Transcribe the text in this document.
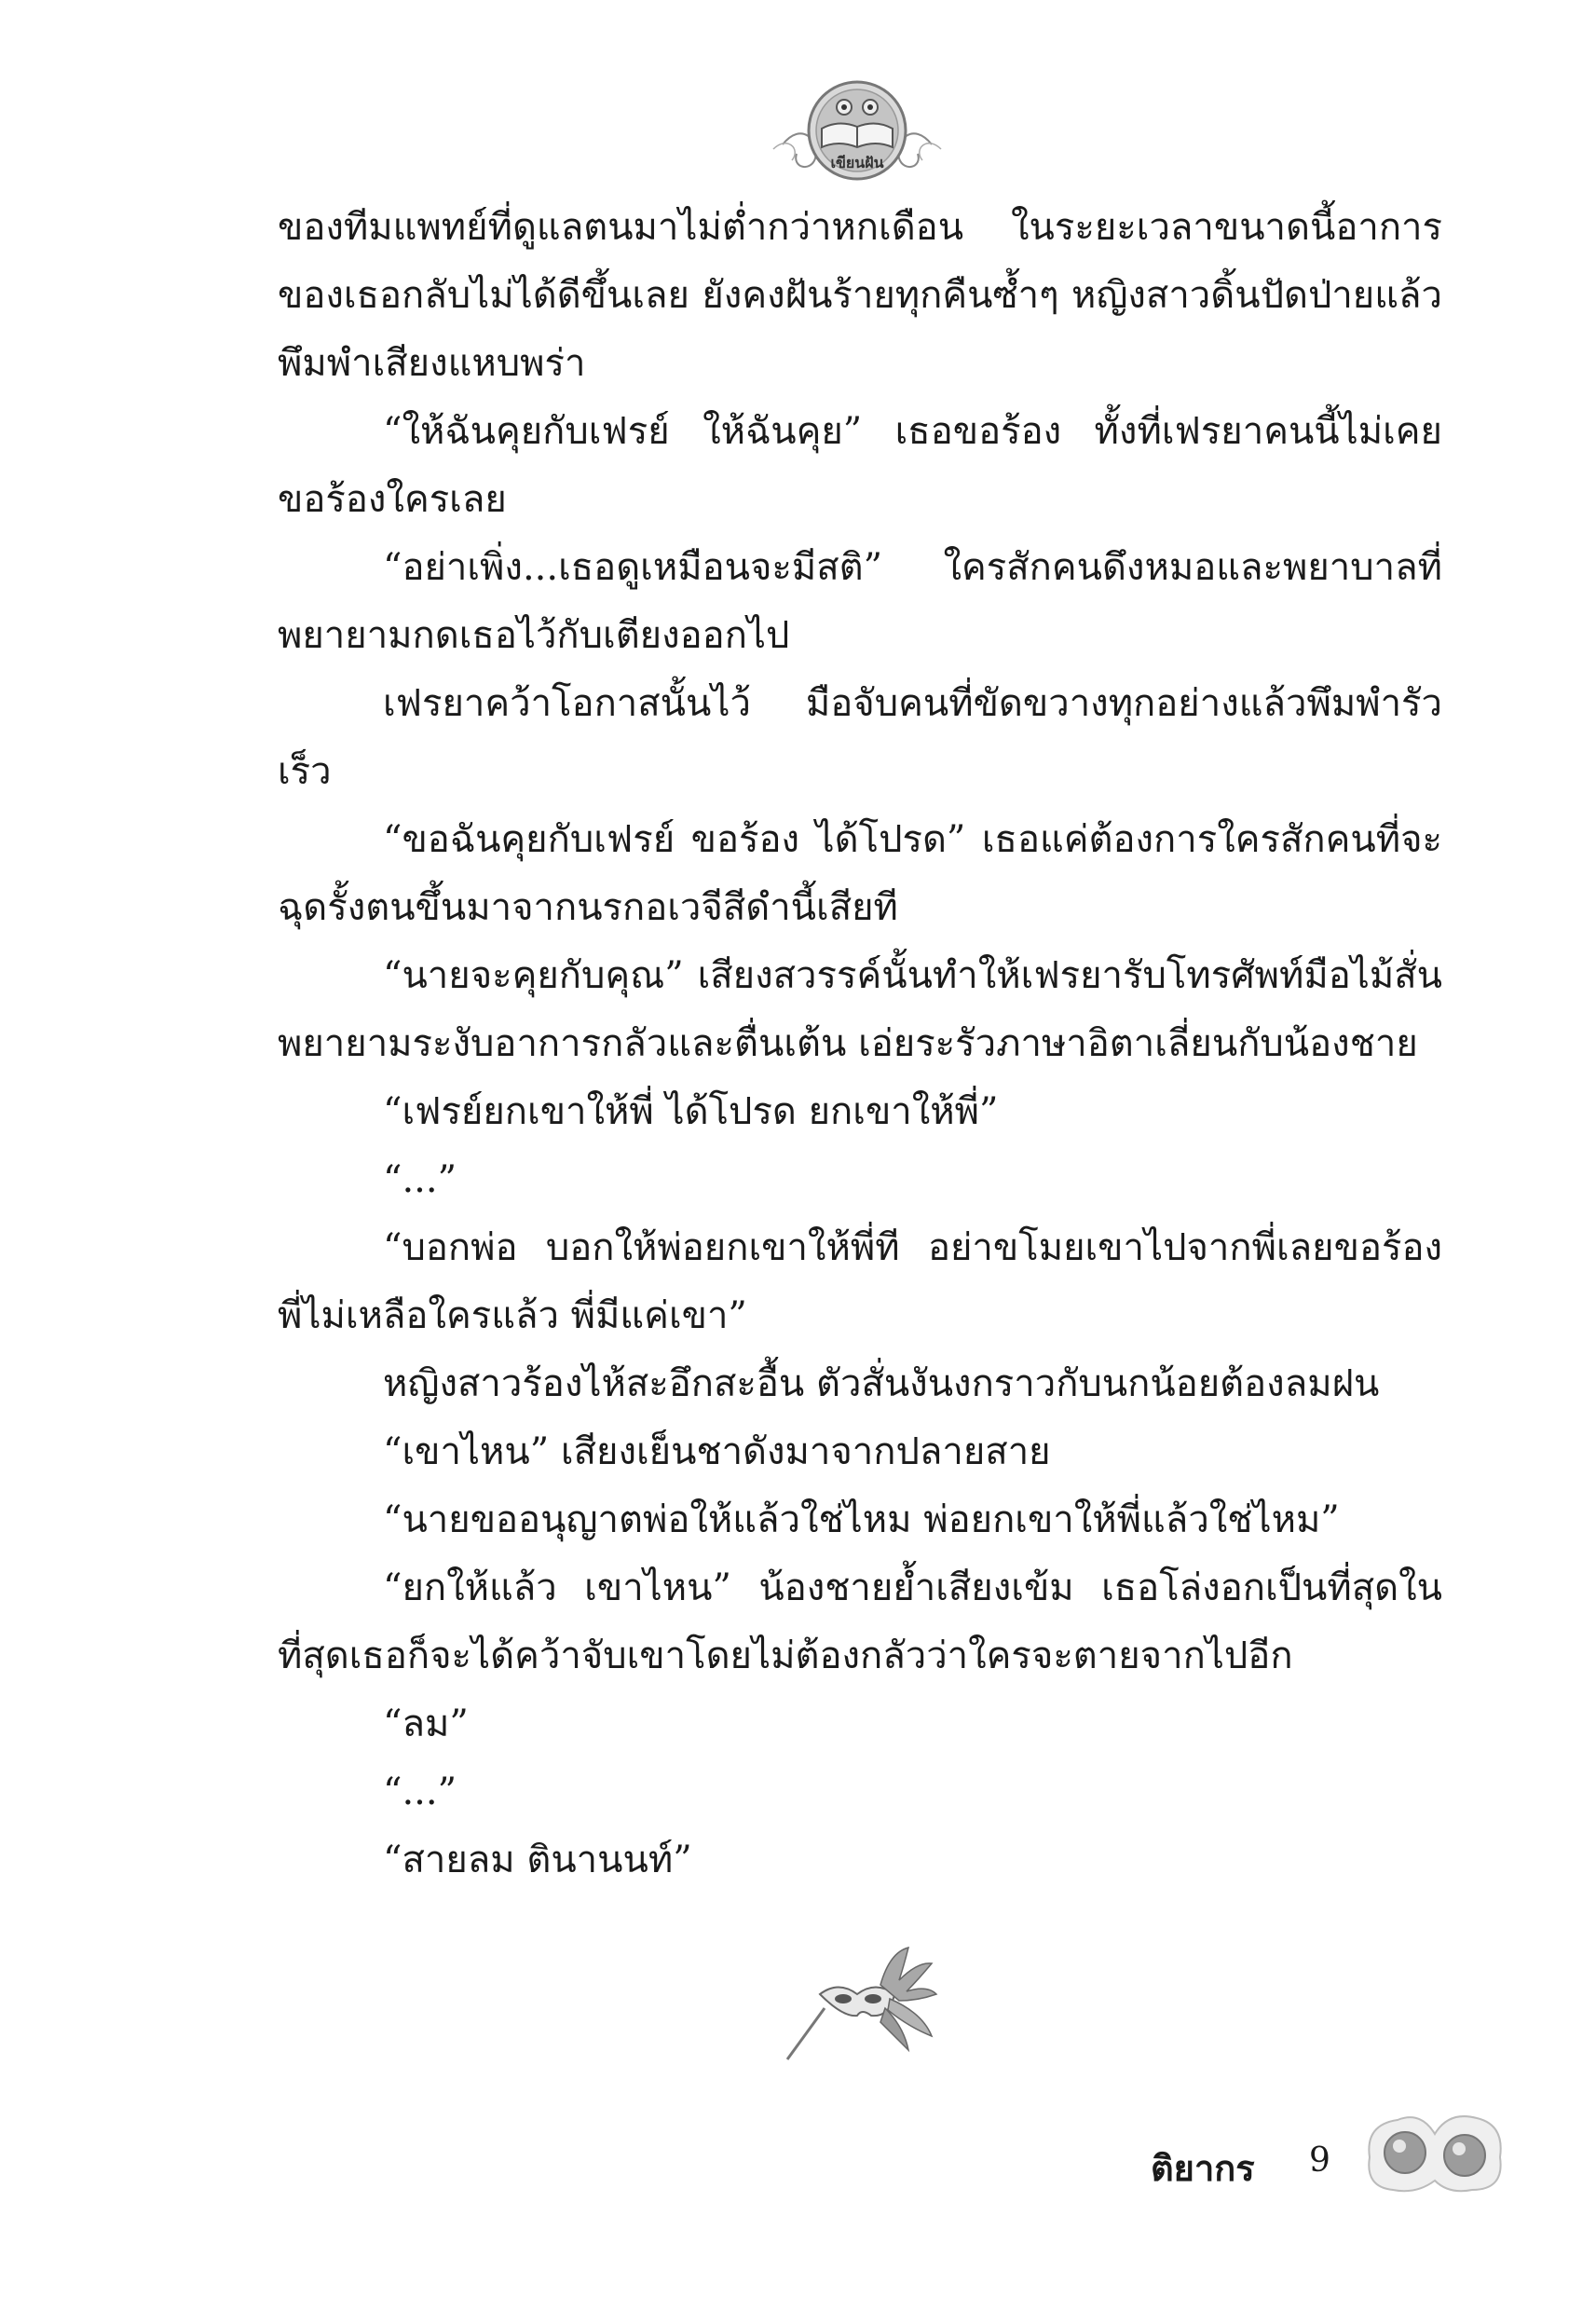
เขียนฝัน

ของทีมแพทย์ที่ดูแลตนมาไม่ต่ำกว่าหกเดือน ในระยะเวลาขนาดนี้อาการของเธอกลับไม่ได้ดีขึ้นเลย ยังคงฝันร้ายทุกคืนซ้ำๆ หญิงสาวดิ้นปัดป่ายแล้วพึมพำเสียงแหบพร่า

“ให้ฉันคุยกับเฟรย์ ให้ฉันคุย” เธอขอร้อง ทั้งที่เฟรยาคนนี้ไม่เคยขอร้องใครเลย

“อย่าเพิ่ง...เธอดูเหมือนจะมีสติ” ใครสักคนดึงหมอและพยาบาลที่พยายามกดเธอไว้กับเตียงออกไป

เฟรยาคว้าโอกาสนั้นไว้ มือจับคนที่ขัดขวางทุกอย่างแล้วพึมพำรัวเร็ว

“ขอฉันคุยกับเฟรย์ ขอร้อง ได้โปรด” เธอแค่ต้องการใครสักคนที่จะฉุดรั้งตนขึ้นมาจากนรกอเวจีสีดำนี้เสียที

“นายจะคุยกับคุณ” เสียงสวรรค์นั้นทำให้เฟรยารับโทรศัพท์มือไม้สั่นพยายามระงับอาการกลัวและตื่นเต้น เอ่ยระรัวภาษาอิตาเลี่ยนกับน้องชาย

“เฟรย์ยกเขาให้พี่ ได้โปรด ยกเขาให้พี่”

“...”

“บอกพ่อ บอกให้พ่อยกเขาให้พี่ที อย่าขโมยเขาไปจากพี่เลยขอร้อง พี่ไม่เหลือใครแล้ว พี่มีแค่เขา”

หญิงสาวร้องไห้สะอึกสะอื้น ตัวสั่นงันงกราวกับนกน้อยต้องลมฝน

“เขาไหน” เสียงเย็นชาดังมาจากปลายสาย

“นายขออนุญาตพ่อให้แล้วใช่ไหม พ่อยกเขาให้พี่แล้วใช่ไหม”

“ยกให้แล้ว เขาไหน” น้องชายย้ำเสียงเข้ม เธอโล่งอกเป็นที่สุดในที่สุดเธอก็จะได้คว้าจับเขาโดยไม่ต้องกลัวว่าใครจะตายจากไปอีก

“ลม”

“...”

“สายลม ตินานนท์”

ติยากร 9
